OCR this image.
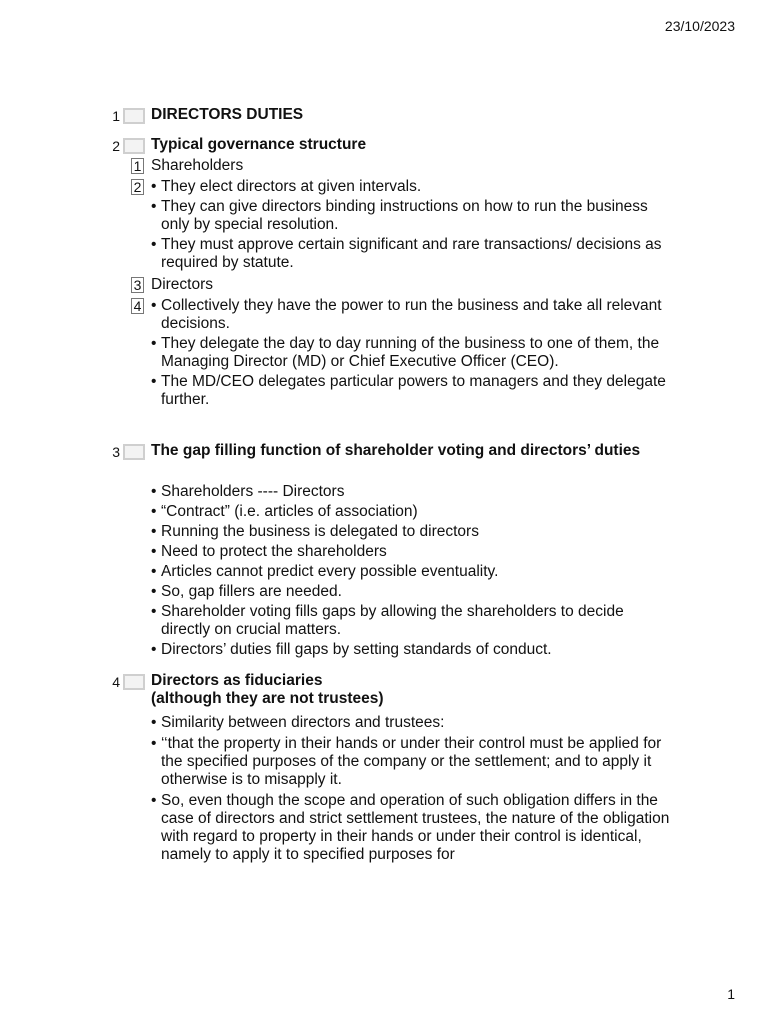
23/10/2023
1 DIRECTORS DUTIES
2 Typical governance structure
1 Shareholders
2 • They elect directors at given intervals.
• They can give directors binding instructions on how to run the business only by special resolution.
• They must approve certain significant and rare transactions/ decisions as required by statute.
3 Directors
4 • Collectively they have the power to run the business and take all relevant decisions.
• They delegate the day to day running of the business to one of them, the Managing Director (MD) or Chief Executive Officer (CEO).
• The MD/CEO delegates particular powers to managers and they delegate further.
3 The gap filling function of shareholder voting and directors’ duties
• Shareholders ---- Directors
• “Contract” (i.e. articles of association)
• Running the business is delegated to directors
• Need to protect the shareholders
• Articles cannot predict every possible eventuality.
• So, gap fillers are needed.
• Shareholder voting fills gaps by allowing the shareholders to decide directly on crucial matters.
• Directors’ duties fill gaps by setting standards of conduct.
4 Directors as fiduciaries
(although they are not trustees)
• Similarity between directors and trustees:
• ‘‘that the property in their hands or under their control must be applied for the specified purposes of the company or the settlement; and to apply it otherwise is to misapply it.
• So, even though the scope and operation of such obligation differs in the case of directors and strict settlement trustees, the nature of the obligation with regard to property in their hands or under their control is identical, namely to apply it to specified purposes for
1
